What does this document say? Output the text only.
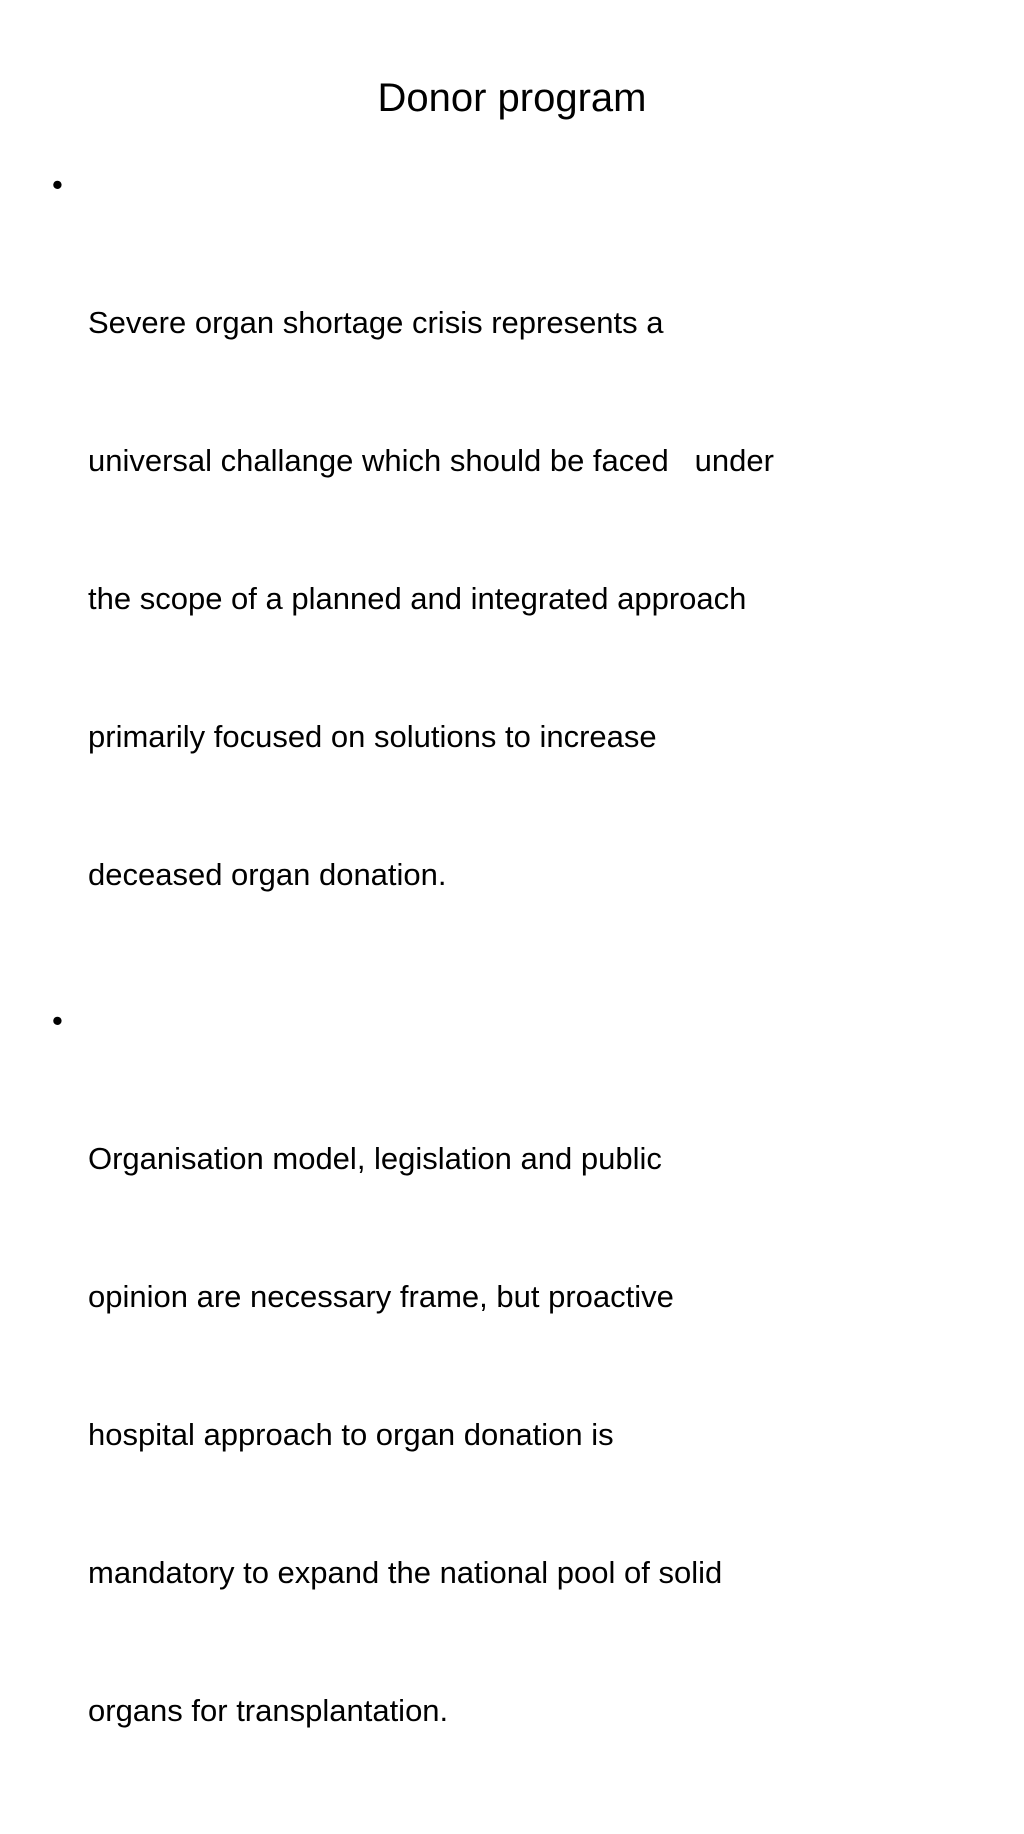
Donor program

•

Severe organ shortage crisis represents a

universal challange which should be faced   under

the scope of a planned and integrated approach

primarily focused on solutions to increase

deceased organ donation.

•

Organisation model, legislation and public

opinion are necessary frame, but proactive

hospital approach to organ donation is

mandatory to expand the national pool of solid

organs for transplantation.
